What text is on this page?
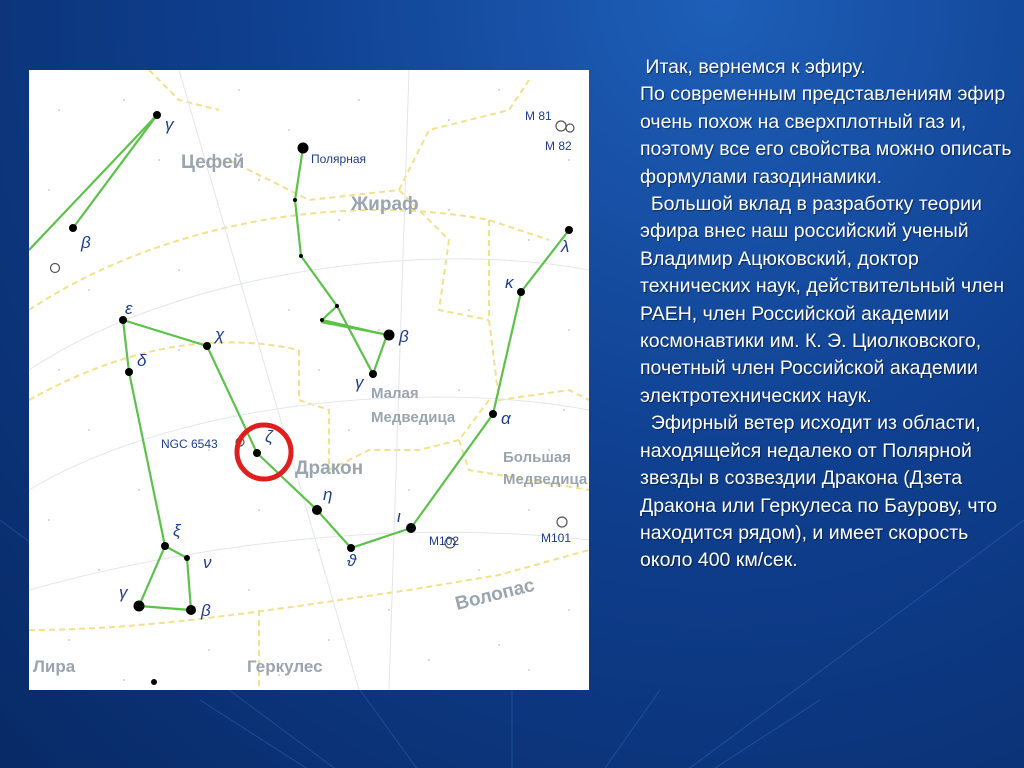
Цефей
Жираф
Малая
Медведица
Дракон
Большая
Медведица
Волопас
Лира	Геркулес
Полярная
M 81
M 82
NGC 6543
M102	M101
γ
β
β
γ
λ
κ
α
ι
ϑ
η
ζ
χ
ε
δ
ξ
ν
γ
β
Итак, вернемся к эфиру.
По современным представлениям эфир очень похож на сверхплотный газ и, поэтому все его свойства можно описать формулами газодинамики.
Большой вклад в разработку теории эфира внес наш российский ученый Владимир Ацюковский, доктор технических наук, действительный член РАЕН, член Российской академии космонавтики им. К. Э. Циолковского, почетный член Российской академии электротехнических наук.
Эфирный ветер исходит из области, находящейся недалеко от Полярной звезды в созвездии Дракона (Дзета Дракона или Геркулеса по Баурову, что находится рядом), и имеет скорость около 400 км/сек.
